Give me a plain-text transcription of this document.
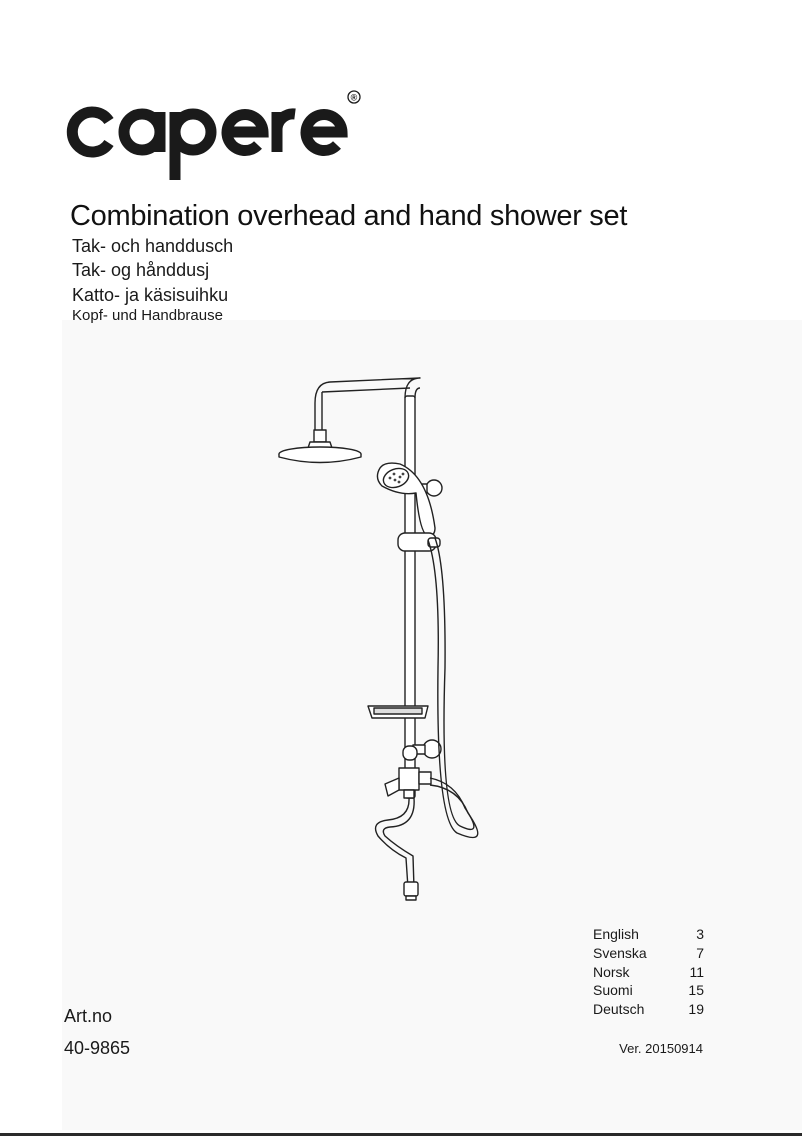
®
Combination overhead and hand shower set

Tak- och handdusch

Tak- og hånddusj

Katto- ja käsisuihku

Kopf- und Handbrause

English	3
Svenska	7
Norsk	11
Suomi	15
Deutsch	19
Art.no
40-9865	Ver. 20150914
